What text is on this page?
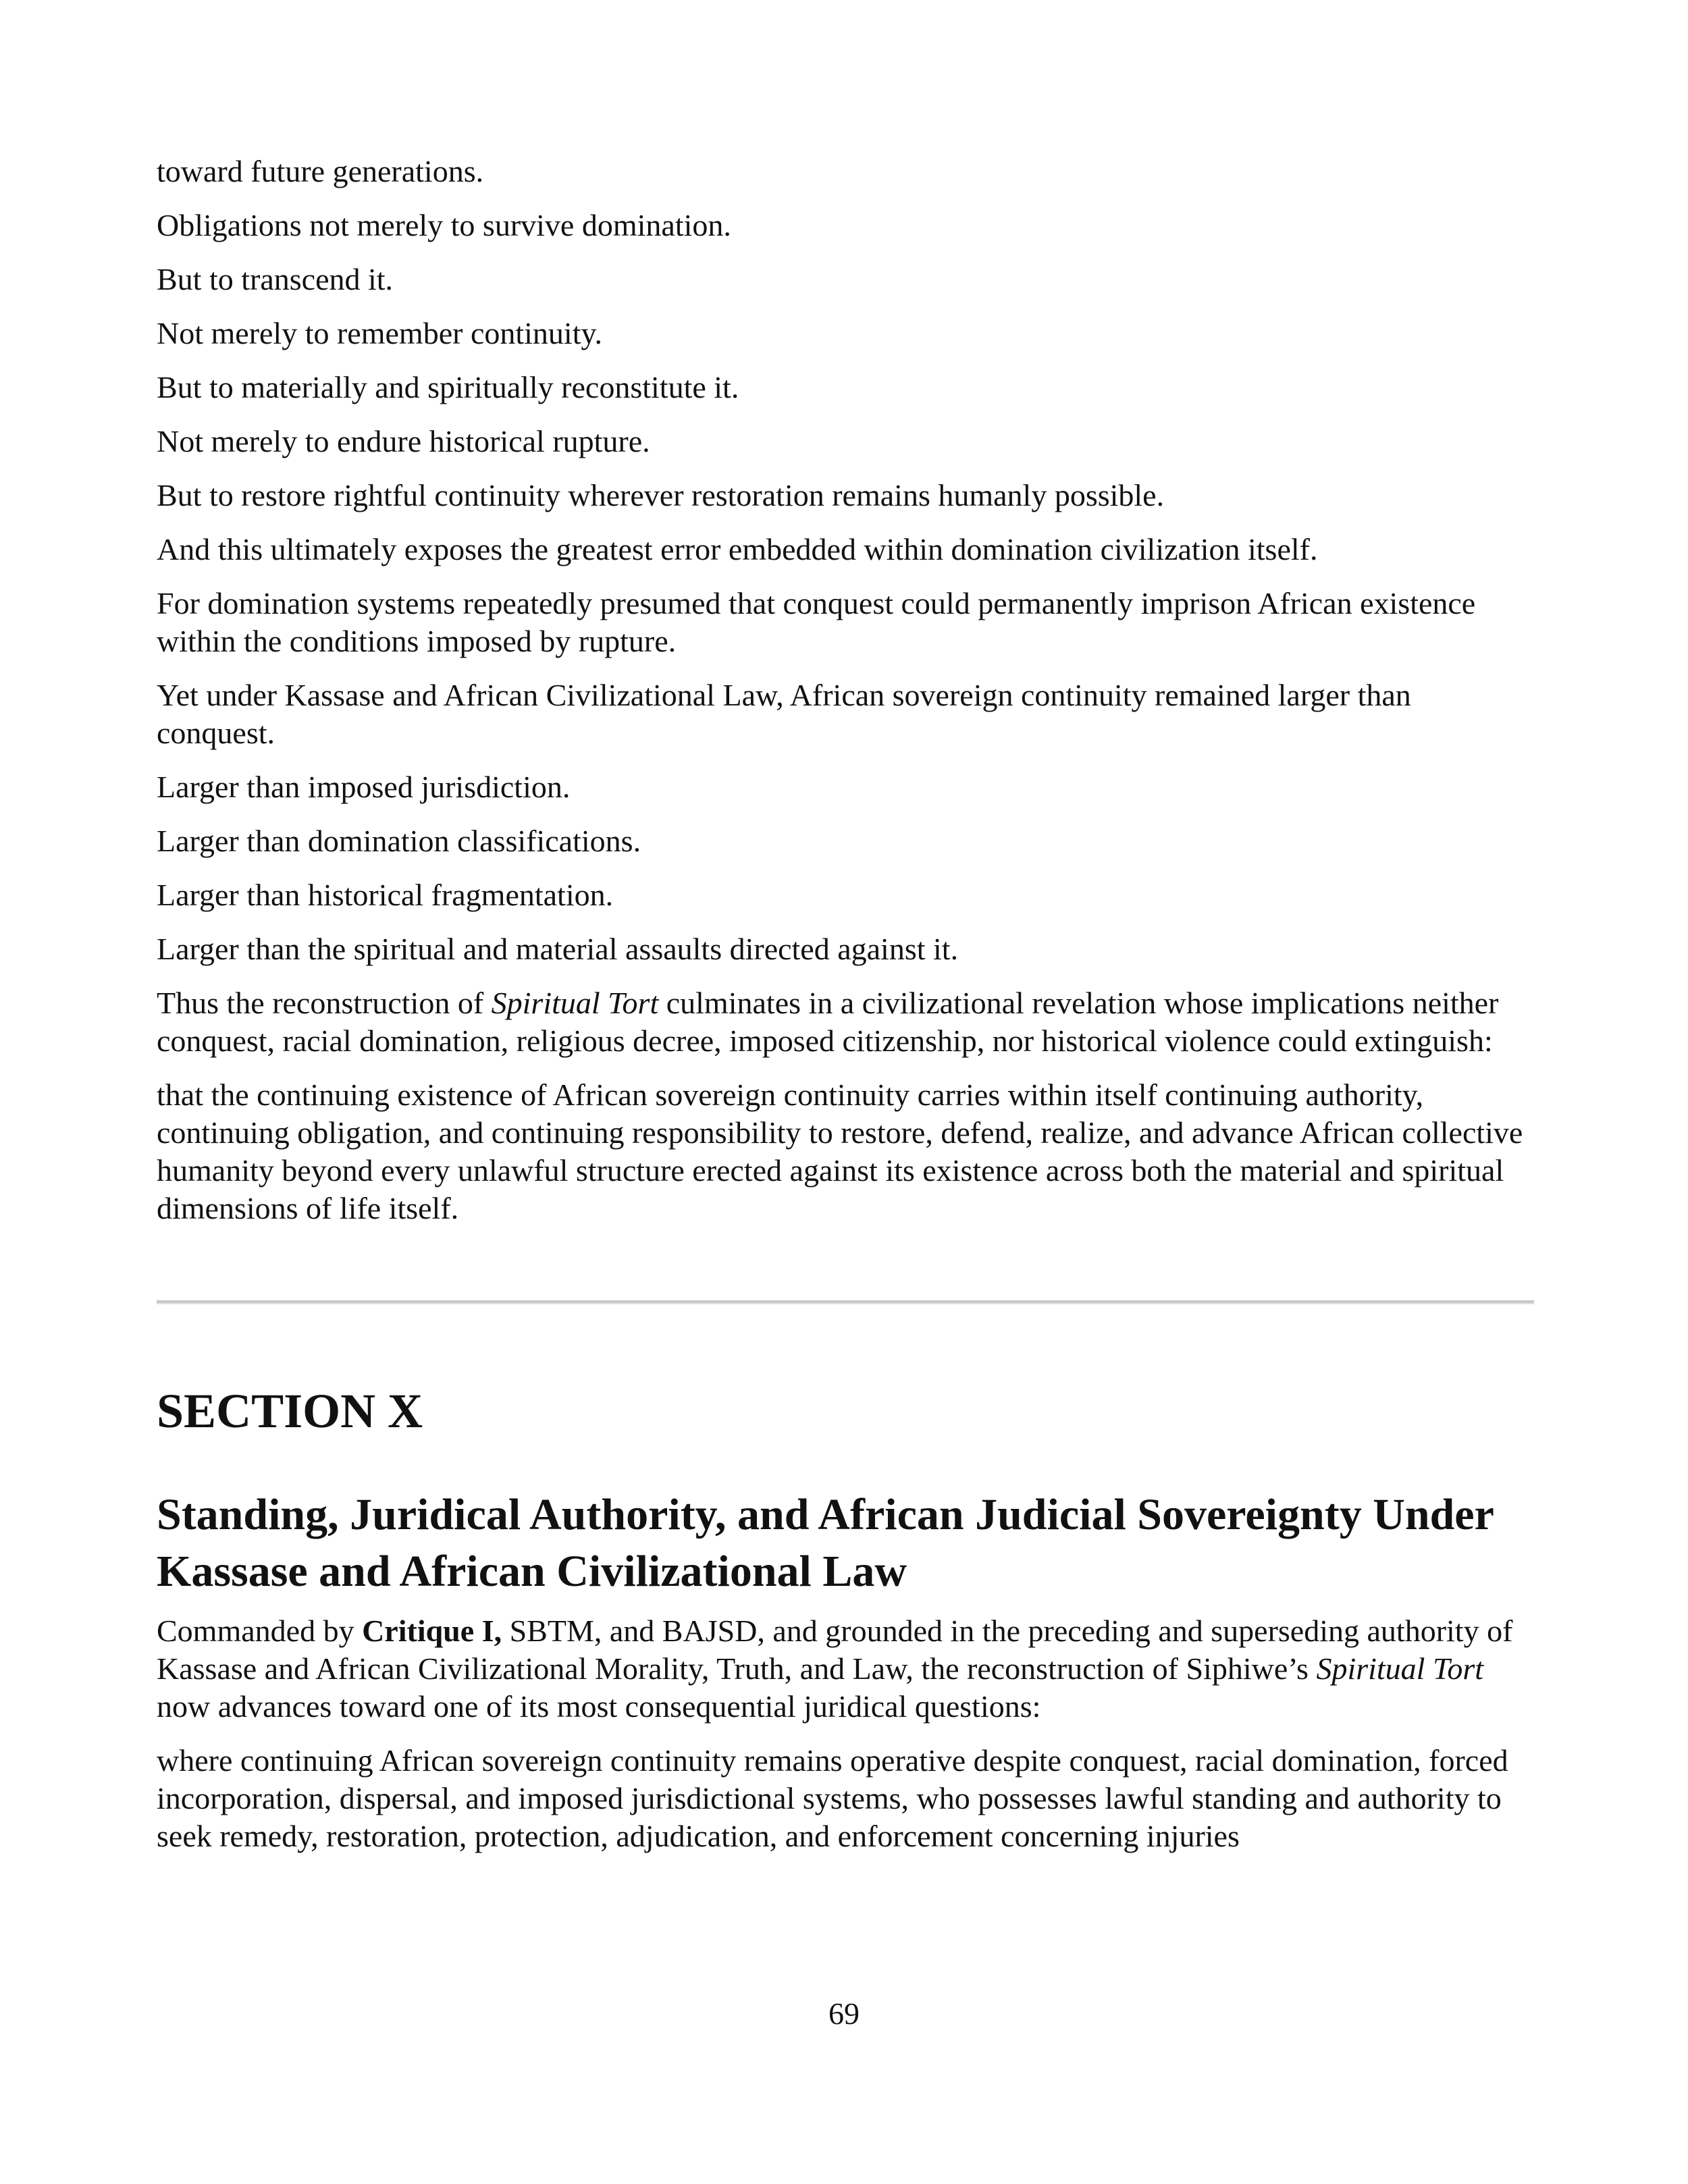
toward future generations.

Obligations not merely to survive domination.

But to transcend it.

Not merely to remember continuity.

But to materially and spiritually reconstitute it.

Not merely to endure historical rupture.

But to restore rightful continuity wherever restoration remains humanly possible.

And this ultimately exposes the greatest error embedded within domination civilization itself.

For domination systems repeatedly presumed that conquest could permanently imprison African existence within the conditions imposed by rupture.

Yet under Kassase and African Civilizational Law, African sovereign continuity remained larger than conquest.

Larger than imposed jurisdiction.

Larger than domination classifications.

Larger than historical fragmentation.

Larger than the spiritual and material assaults directed against it.

Thus the reconstruction of Spiritual Tort culminates in a civilizational revelation whose implications neither conquest, racial domination, religious decree, imposed citizenship, nor historical violence could extinguish:

that the continuing existence of African sovereign continuity carries within itself continuing authority, continuing obligation, and continuing responsibility to restore, defend, realize, and advance African collective humanity beyond every unlawful structure erected against its existence across both the material and spiritual dimensions of life itself.

SECTION X
Standing, Juridical Authority, and African Judicial Sovereignty Under Kassase and African Civilizational Law

Commanded by Critique I, SBTM, and BAJSD, and grounded in the preceding and superseding authority of Kassase and African Civilizational Morality, Truth, and Law, the reconstruction of Siphiwe’s Spiritual Tort now advances toward one of its most consequential juridical questions:

where continuing African sovereign continuity remains operative despite conquest, racial domination, forced incorporation, dispersal, and imposed jurisdictional systems, who possesses lawful standing and authority to seek remedy, restoration, protection, adjudication, and enforcement concerning injuries

69
